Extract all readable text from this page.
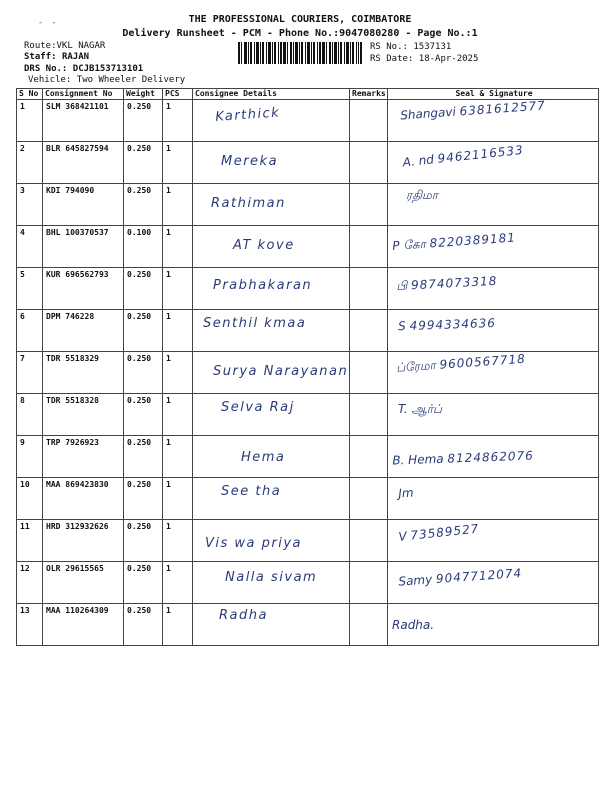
- -	THE PROFESSIONAL COURIERS, COIMBATORE
Delivery Runsheet - PCM - Phone No.:9047080280 - Page No.:1
Route:VKL NAGAR
Staff: RAJAN
DRS No.: DCJB153713101
Vehicle: Two Wheeler Delivery
RS No.: 1537131
RS Date: 18-Apr-2025
S No	Consignment No	Weight	PCS	Consignee Details	Remarks	Seal & Signature
1	SLM 368421101	0.250	1	Karthick		Shangavi 6381612577

2	BLR 645827594	0.250	1	Mereka		A. nd 9462116533

3	KDI 794090	0.250	1	Rathiman		ரதிமா

4	BHL 100370537	0.100	1	AT kove		P கோ 8220389181

5	KUR 696562793	0.250	1	Prabhakaran		பி 9874073318

6	DPM 746228	0.250	1	Senthil kmaa		S 4994334636

7	TDR 5518329	0.250	1	Surya Narayanan		ப்ரேமா 9600567718

8	TDR 5518328	0.250	1	Selva Raj		T. ஆர்ப்

9	TRP 7926923	0.250	1	Hema		B. Hema 8124862076

10	MAA 869423830	0.250	1	See tha		Jm

11	HRD 312932626	0.250	1	Vis wa priya		V 73589527

12	OLR 29615565	0.250	1	Nalla sivam		Samy 9047712074

13	MAA 110264309	0.250	1	Radha		Radha.
